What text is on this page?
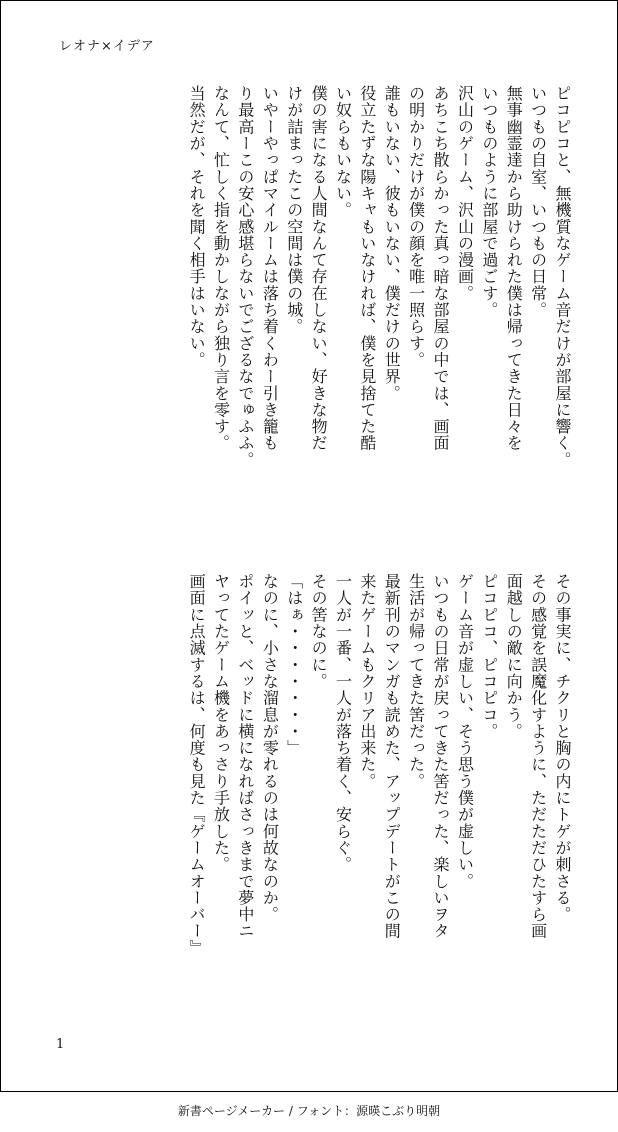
レオナ×イデア
ピコピコと、無機質なゲーム音だけが部屋に響く。
いつもの自室、いつもの日常。
無事幽霊達から助けられた僕は帰ってきた日々を
いつものように部屋で過ごす。
沢山のゲーム、沢山の漫画。
あちこち散らかった真っ暗な部屋の中では、画面
の明かりだけが僕の顔を唯一照らす。
誰もいない、彼もいない、僕だけの世界。
役立たずな陽キャもいなければ、僕を見捨てた酷
い奴らもいない。
僕の害になる人間なんて存在しない、好きな物だ
けが詰まったこの空間は僕の城。
いやーやっぱマイルームは落ち着くわー引き籠も
り最高ーこの安心感堪らないでござるなでゅふふ。
なんて、忙しく指を動かしながら独り言を零す。
当然だが、それを聞く相手はいない。
その事実に、チクリと胸の内にトゲが刺さる。
その感覚を誤魔化すように、ただただひたすら画
面越しの敵に向かう。
ピコピコ、ピコピコ。
ゲーム音が虚しい、そう思う僕が虚しい。
いつもの日常が戻ってきた筈だった、楽しいヲタ
生活が帰ってきた筈だった。
最新刊のマンガも読めた、アップデートがこの間
来たゲームもクリア出来た。
一人が一番、一人が落ち着く、安らぐ。
その筈なのに。
「はぁ・・・・・・・」
なのに、小さな溜息が零れるのは何故なのか。
ポイッと、ベッドに横になればさっきまで夢中ニ
ヤってたゲーム機をあっさり手放した。
画面に点滅するは、何度も見た『ゲームオーバー』
1
新書ページメーカー / フォント：源暎こぶり明朝
